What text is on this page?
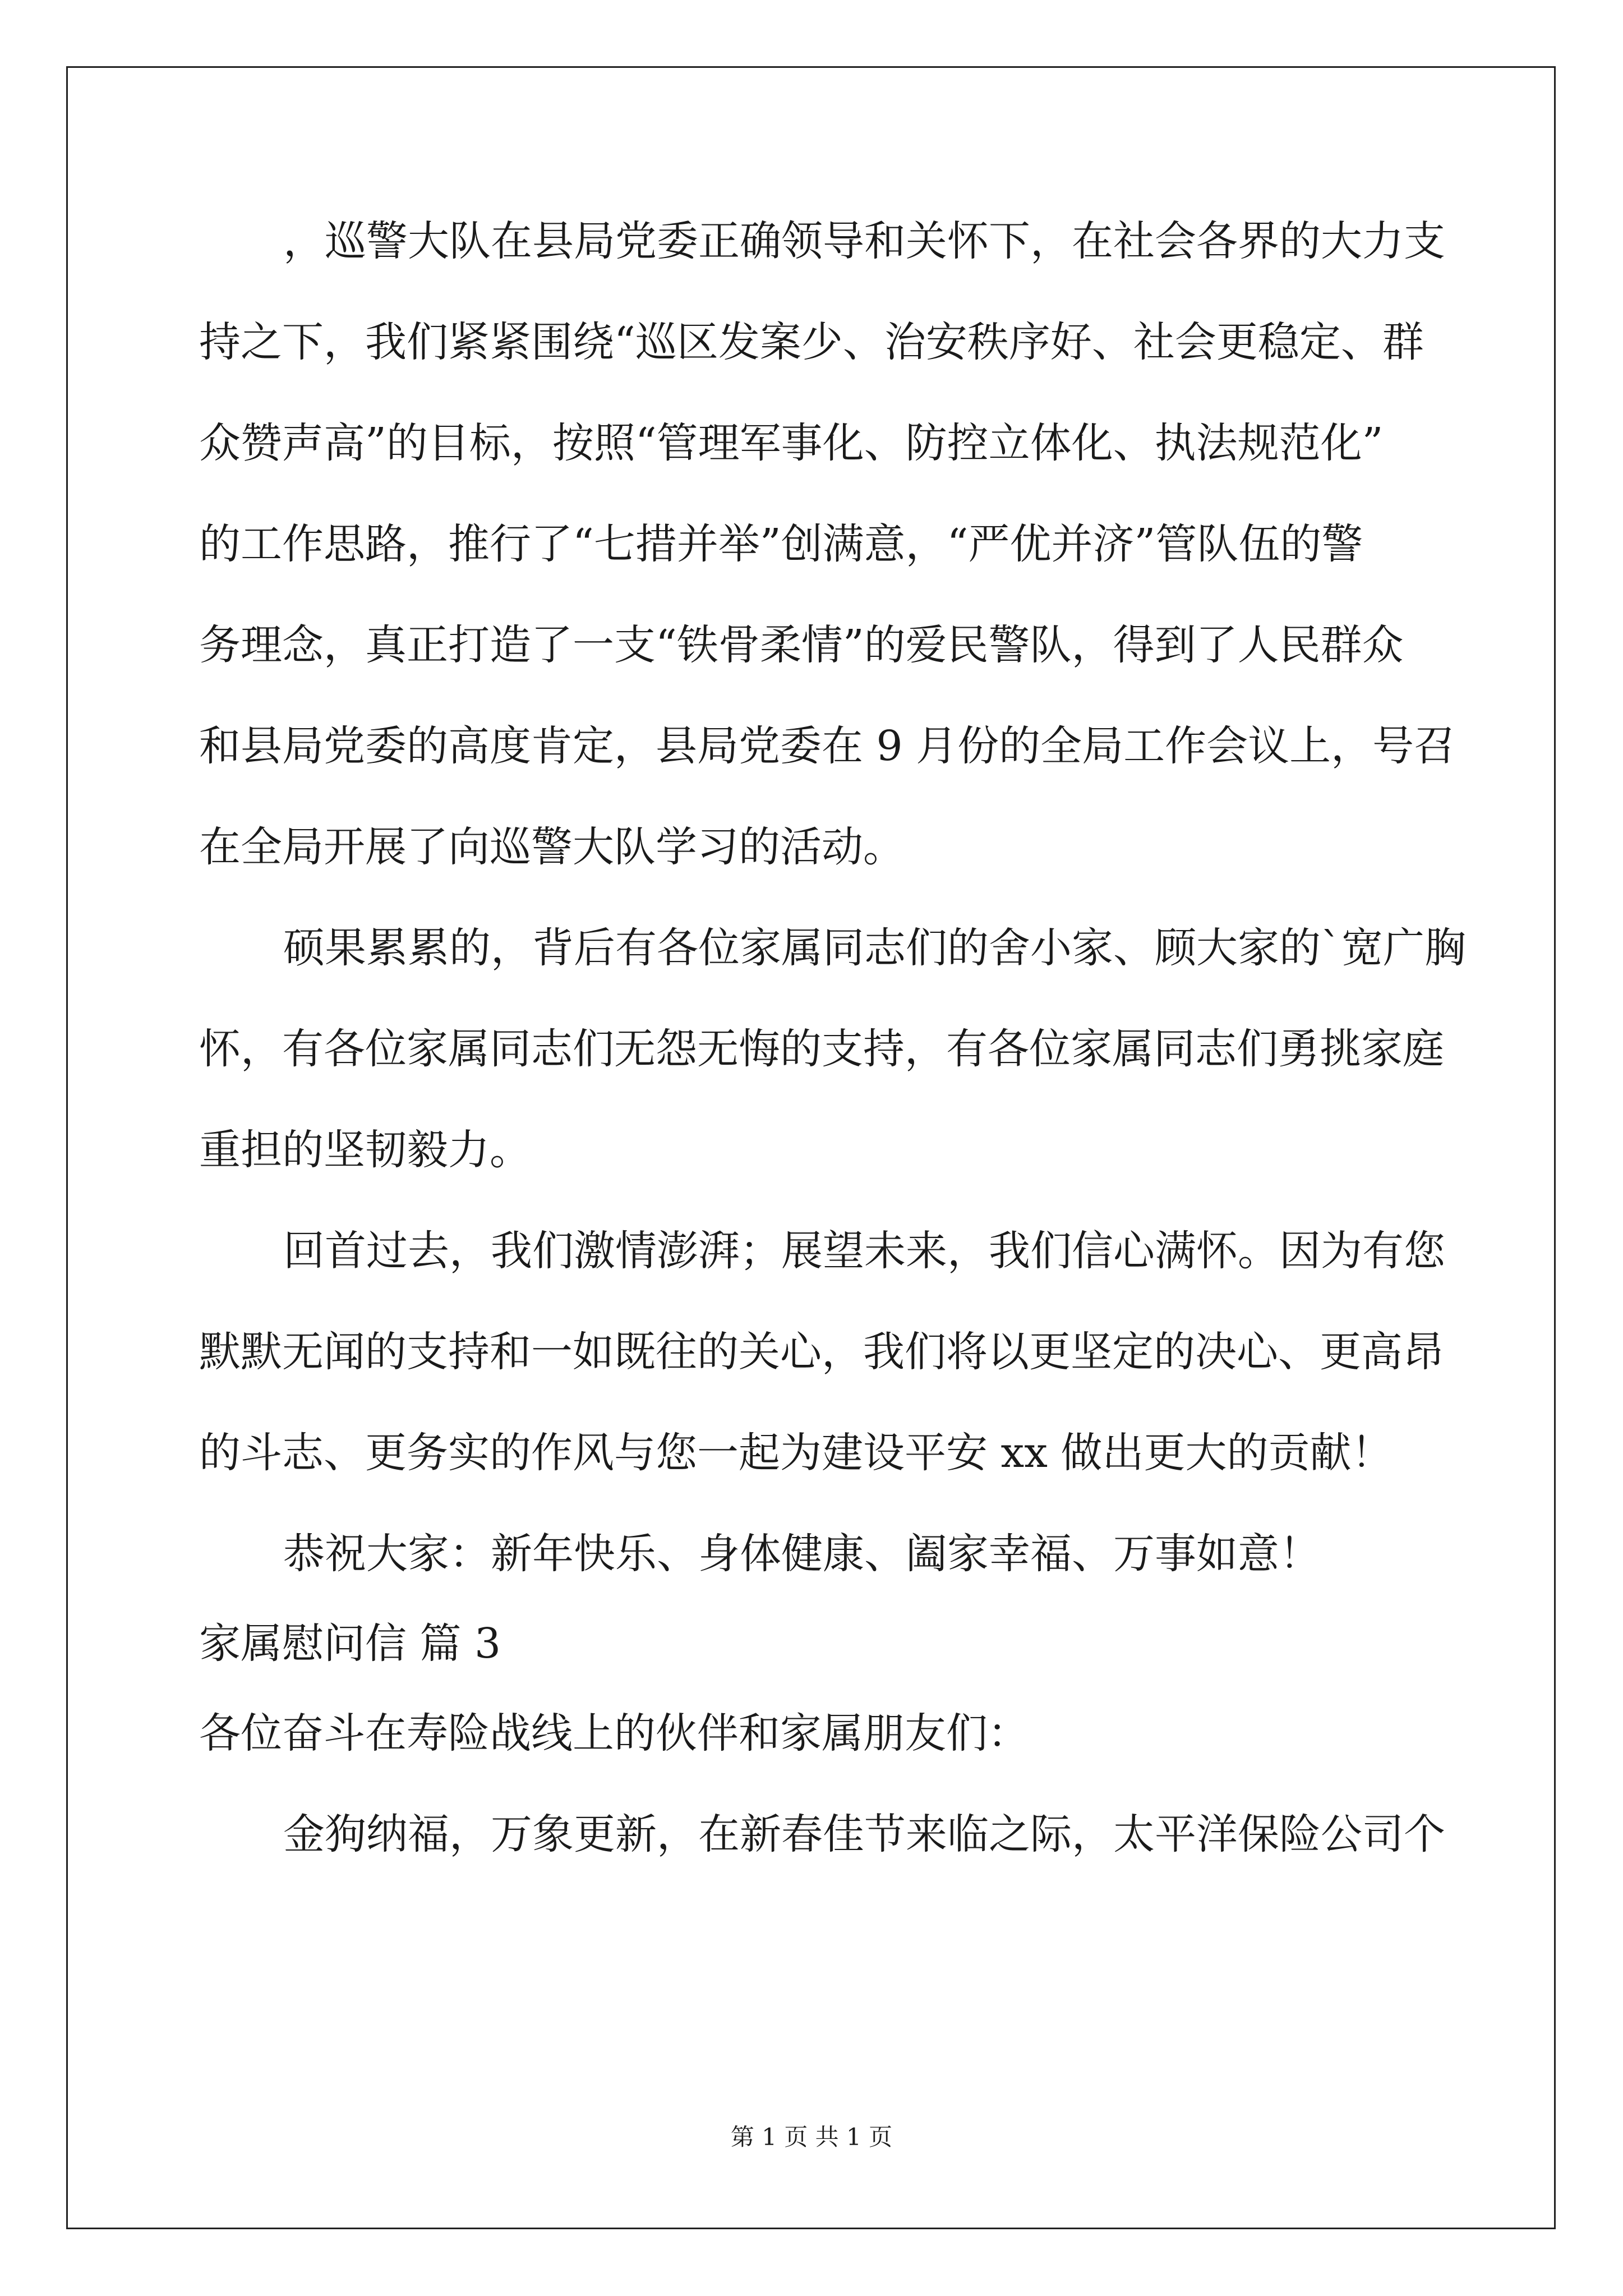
，巡警大队在县局党委正确领导和关怀下，在社会各界的大力支
持之下，我们紧紧围绕“巡区发案少、治安秩序好、社会更稳定、群
众赞声高”的目标，按照“管理军事化、防控立体化、执法规范化”
的工作思路，推行了“七措并举”创满意，“严优并济”管队伍的警
务理念，真正打造了一支“铁骨柔情”的爱民警队，得到了人民群众
和县局党委的高度肯定，县局党委在 9 月份的全局工作会议上，号召
在全局开展了向巡警大队学习的活动。
硕果累累的，背后有各位家属同志们的舍小家、顾大家的`宽广胸
怀，有各位家属同志们无怨无悔的支持，有各位家属同志们勇挑家庭
重担的坚韧毅力。
回首过去，我们激情澎湃；展望未来，我们信心满怀。因为有您
默默无闻的支持和一如既往的关心，我们将以更坚定的决心、更高昂
的斗志、更务实的作风与您一起为建设平安 xx 做出更大的贡献！
恭祝大家：新年快乐、身体健康、阖家幸福、万事如意！
家属慰问信 篇 3
各位奋斗在寿险战线上的伙伴和家属朋友们：
金狗纳福，万象更新，在新春佳节来临之际，太平洋保险公司个
第 1 页 共 1 页
